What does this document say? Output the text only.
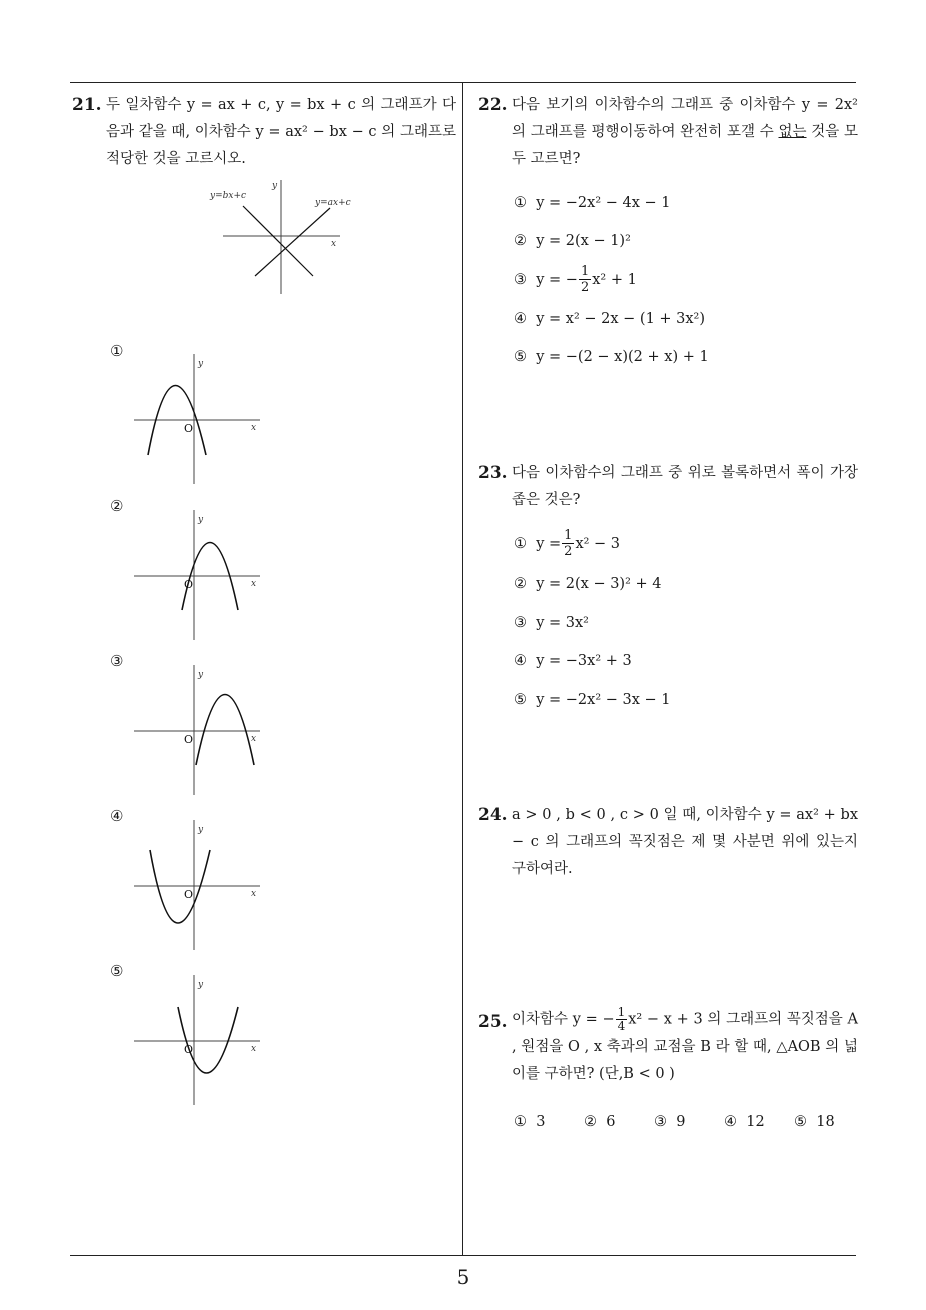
21. 두 일차함수 y = ax + c, y = bx + c 의 그래프가 다음과 같을 때, 이차함수 y = ax² − bx − c 의 그래프로 적당한 것을 고르시오.
y=bx+c
y=ax+c
x
y
①
O	x
y
②
O	x
y
③
O	x
y
④
O	x
y
⑤
O	x
y
22. 다음 보기의 이차함수의 그래프 중 이차함수 y = 2x² 의 그래프를 평행이동하여 완전히 포갤 수 없는 것을 모두 고르면?
① y = −2x² − 4x − 1
② y = 2(x − 1)²
③
y = − $\frac{1}{2} x^2 + 1$
④ y = x² − 2x − (1 + 3x²)
⑤ y = −(2 − x)(2 + x) + 1
23. 다음 이차함수의 그래프 중 위로 볼록하면서 폭이 가장 좁은 것은?
①
$y = \frac{1}{2} x^2 - 3$
② y = 2(x − 3)² + 4
③ y = 3x²
④ y = −3x² + 3
⑤ y = −2x² − 3x − 1
24. a > 0 , b < 0 , c > 0 일 때, 이차함수 y = ax² + bx − c 의 그래프의 꼭짓점은 제 몇 사분면 위에 있는지 구하여라.
25. 이차함수 y = − $\frac{1}{4} x^2 - x + 3$ 의 그래프의 꼭짓점을 A , 원점을 O , x 축과의 교점을 B 라 할 때, △AOB 의 넓이를 구하면? (단,B < 0 )
① 3	② 6	③ 9	④ 12 ⑤ 18
5
